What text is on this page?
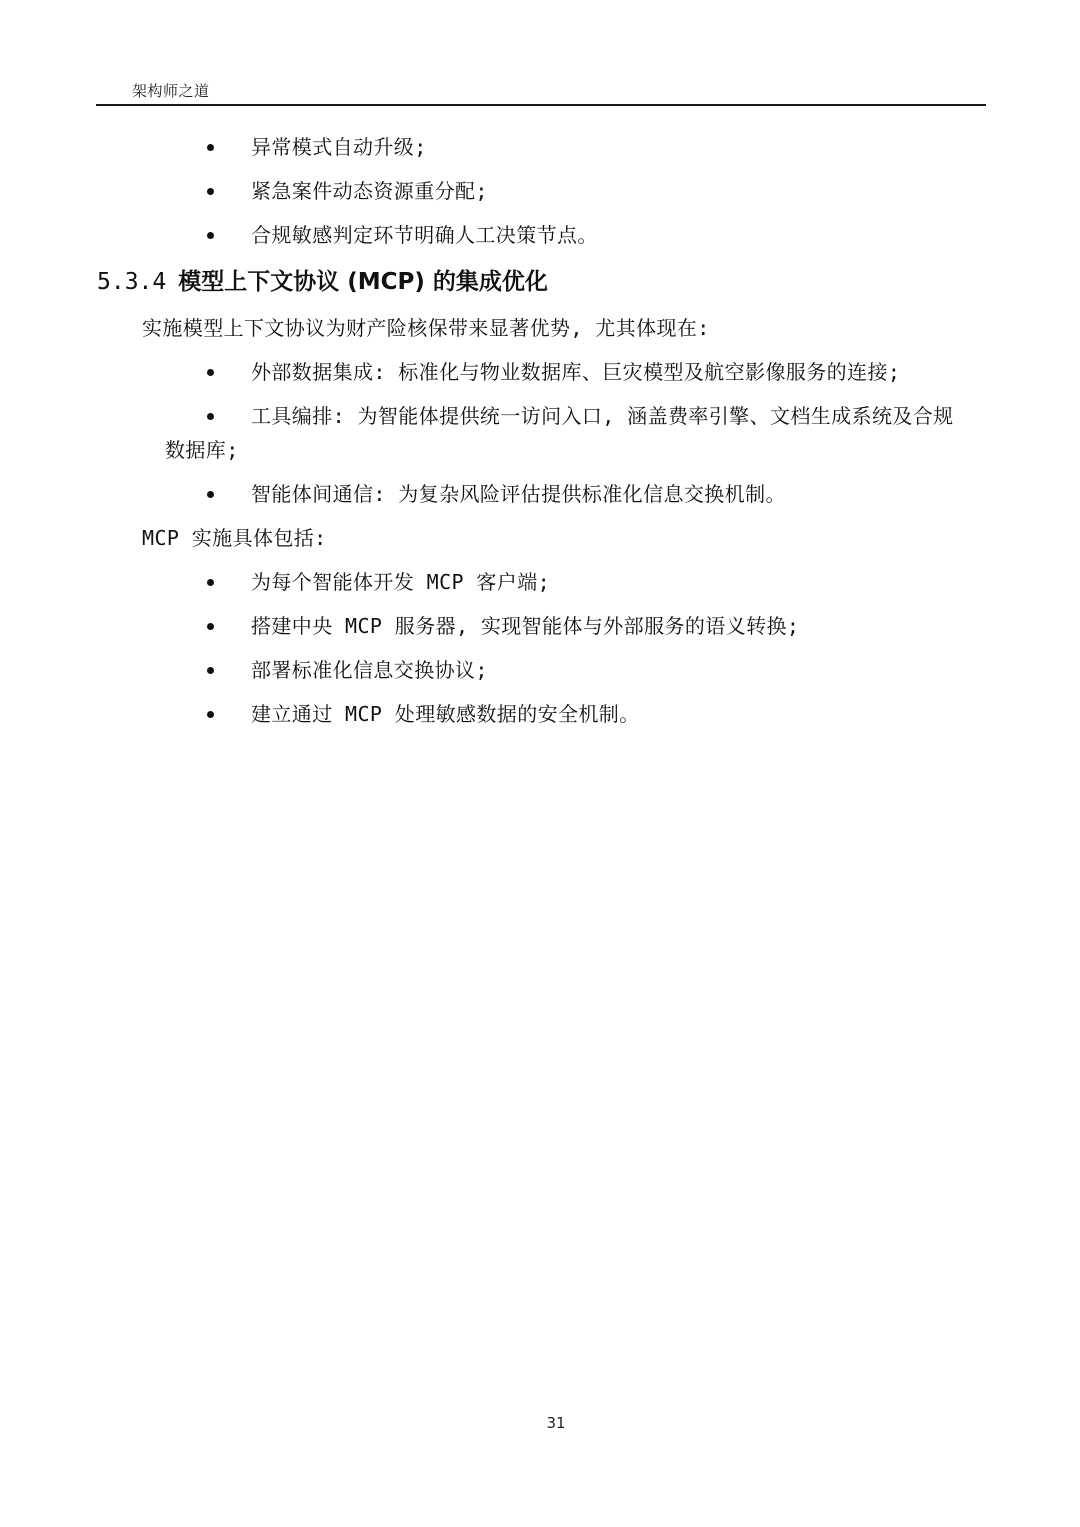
架构师之道
异常模式自动升级;
紧急案件动态资源重分配;
合规敏感判定环节明确人工决策节点。
5.3.4 模型上下文协议 (MCP) 的集成优化
实施模型上下文协议为财产险核保带来显著优势, 尤其体现在:
外部数据集成: 标准化与物业数据库、巨灾模型及航空影像服务的连接;
工具编排: 为智能体提供统一访问入口, 涵盖费率引擎、文档生成系统及合规
数据库;
智能体间通信: 为复杂风险评估提供标准化信息交换机制。
MCP 实施具体包括:
为每个智能体开发 MCP 客户端;
搭建中央 MCP 服务器, 实现智能体与外部服务的语义转换;
部署标准化信息交换协议;
建立通过 MCP 处理敏感数据的安全机制。
31
